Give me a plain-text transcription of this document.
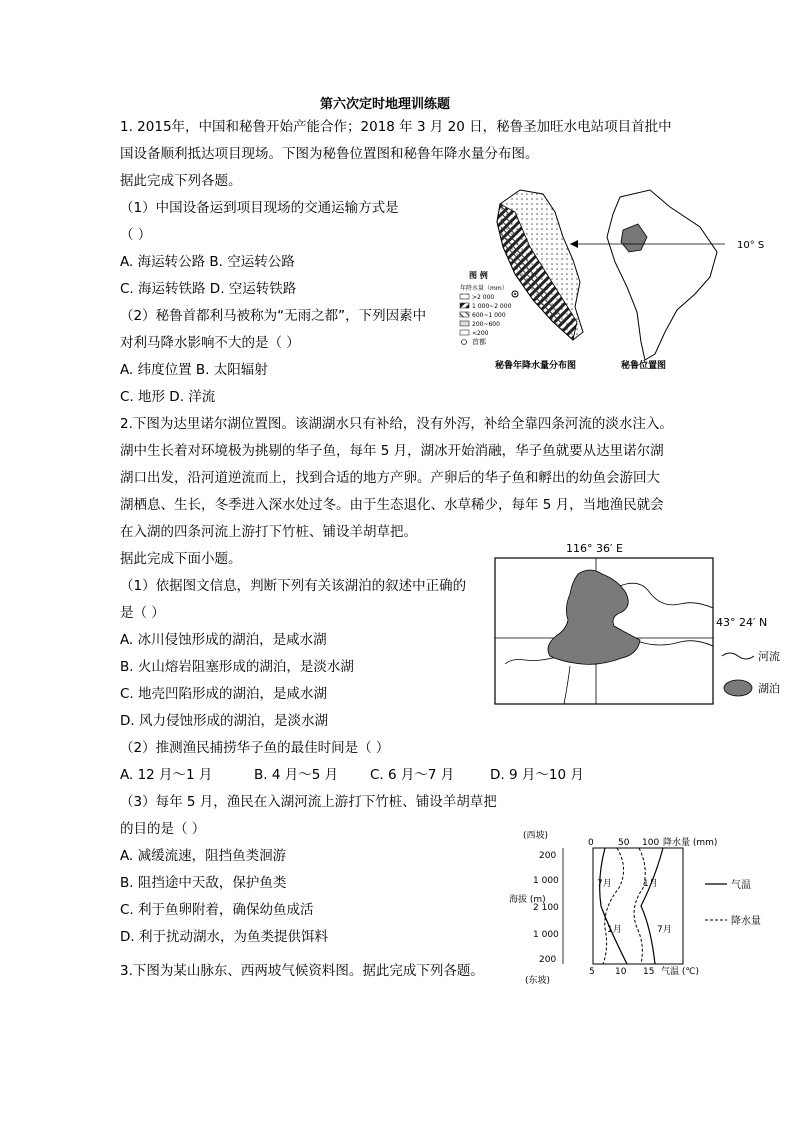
第六次定时地理训练题
1. 2015年，中国和秘鲁开始产能合作；2018 年 3 月 20 日，秘鲁圣加旺水电站项目首批中
国设备顺利抵达项目现场。下图为秘鲁位置图和秘鲁年降水量分布图。
据此完成下列各题。
（1）中国设备运到项目现场的交通运输方式是
（ ）
A. 海运转公路 B. 空运转公路
C. 海运转铁路 D. 空运转铁路
（2）秘鲁首都利马被称为“无雨之都”，下列因素中
对利马降水影响不大的是（ ）
A. 纬度位置 B. 太阳辐射
C. 地形 D. 洋流
图 例
年降水量（mm）
>2 000
1 000~2 000
600~1 000
200~600
<200
首都
秘鲁年降水量分布图
10° S
秘鲁位置图
2.下图为达里诺尔湖位置图。该湖湖水只有补给，没有外泻，补给全靠四条河流的淡水注入。
湖中生长着对环境极为挑剔的华子鱼，每年 5 月，湖冰开始消融，华子鱼就要从达里诺尔湖
湖口出发，沿河道逆流而上，找到合适的地方产卵。产卵后的华子鱼和孵出的幼鱼会游回大
湖栖息、生长，冬季进入深水处过冬。由于生态退化、水草稀少，每年 5 月，当地渔民就会
在入湖的四条河流上游打下竹桩、铺设羊胡草把。
据此完成下面小题。
（1）依据图文信息，判断下列有关该湖泊的叙述中正确的
是（ ）
A. 冰川侵蚀形成的湖泊，是咸水湖
B. 火山熔岩阻塞形成的湖泊，是淡水湖
C. 地壳凹陷形成的湖泊，是咸水湖
D. 风力侵蚀形成的湖泊，是淡水湖
（2）推测渔民捕捞华子鱼的最佳时间是（ ）
A. 12 月～1 月	B. 4 月～5 月 C. 6 月～7 月	D. 9 月～10 月
（3）每年 5 月，渔民在入湖河流上游打下竹桩、铺设羊胡草把
的目的是（ ）
A. 减缓流速，阻挡鱼类洄游
B. 阻挡途中天敌，保护鱼类
C. 利于鱼卵附着，确保幼鱼成活
D. 利于扰动湖水，为鱼类提供饵料
116° 36′ E
43° 24′ N
河流
湖泊
3.下图为某山脉东、西两坡气候资料图。据此完成下列各题。
(西坡)
(东坡)
海拔 (m)
200
1 000
2 100
1 000
200
0	50 100 降水量 (mm)
5 10 15 气温 (℃)
7月	1月
1月	7月
气温
降水量
